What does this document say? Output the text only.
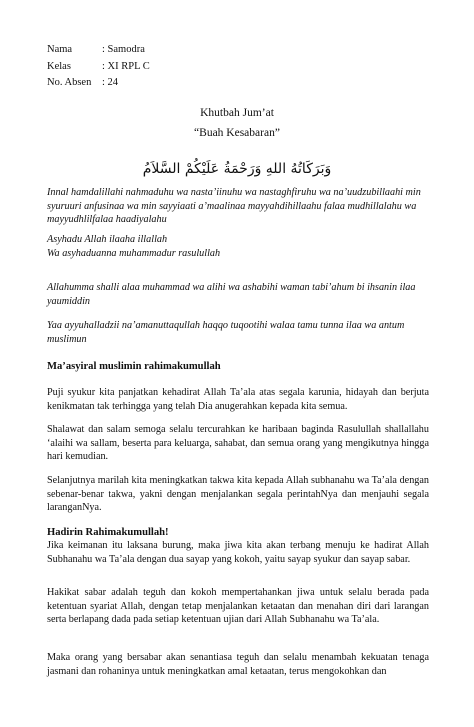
Nama	: Samodra
Kelas	: XI RPL C
No. Absen	: 24
Khutbah Jum’at
“Buah Kesabaran”
وَبَرَكَاتُهُ اللهِ وَرَحْمَةُ عَلَيْكُمْ السَّلاَمُ
Innal hamdalillahi nahmaduhu wa nasta’iinuhu wa nastaghfiruhu wa na’uudzubillaahi min syuruuri anfusinaa wa min sayyiaati a’maalinaa mayyahdihillaahu falaa mudhillalahu wa mayyudhlilfalaa haadiyalahu
Asyhadu Allah ilaaha illallah
Wa asyhaduanna muhammadur rasulullah
Allahumma shalli alaa muhammad wa alihi wa ashabihi waman tabi’ahum bi ihsanin ilaa yaumiddin
Yaa ayyuhalladzii na’amanuttaqullah haqqo tuqootihi walaa tamu tunna ilaa wa antum muslimun
Ma’asyiral muslimin rahimakumullah
Puji syukur kita panjatkan kehadirat Allah Ta’ala atas segala karunia, hidayah dan berjuta kenikmatan tak terhingga yang telah Dia anugerahkan kepada kita semua.
Shalawat dan salam semoga selalu tercurahkan ke haribaan baginda Rasulullah shallallahu ‘alaihi wa sallam, beserta para keluarga, sahabat, dan semua orang yang mengikutnya hingga hari kemudian.
Selanjutnya marilah kita meningkatkan takwa kita kepada Allah subhanahu wa Ta’ala dengan sebenar-benar takwa, yakni dengan menjalankan segala perintahNya dan menjauhi segala laranganNya.
Hadirin Rahimakumullah!
Jika keimanan itu laksana burung, maka jiwa kita akan terbang menuju ke hadirat Allah Subhanahu wa Ta’ala dengan dua sayap yang kokoh, yaitu sayap syukur dan sayap sabar.
Hakikat sabar adalah teguh dan kokoh mempertahankan jiwa untuk selalu berada pada ketentuan syariat Allah, dengan tetap menjalankan ketaatan dan menahan diri dari larangan serta berlapang dada pada setiap ketentuan ujian dari Allah Subhanahu wa Ta’ala.
Maka orang yang bersabar akan senantiasa teguh dan selalu menambah kekuatan tenaga jasmani dan rohaninya untuk meningkatkan amal ketaatan, terus mengokohkan dan
